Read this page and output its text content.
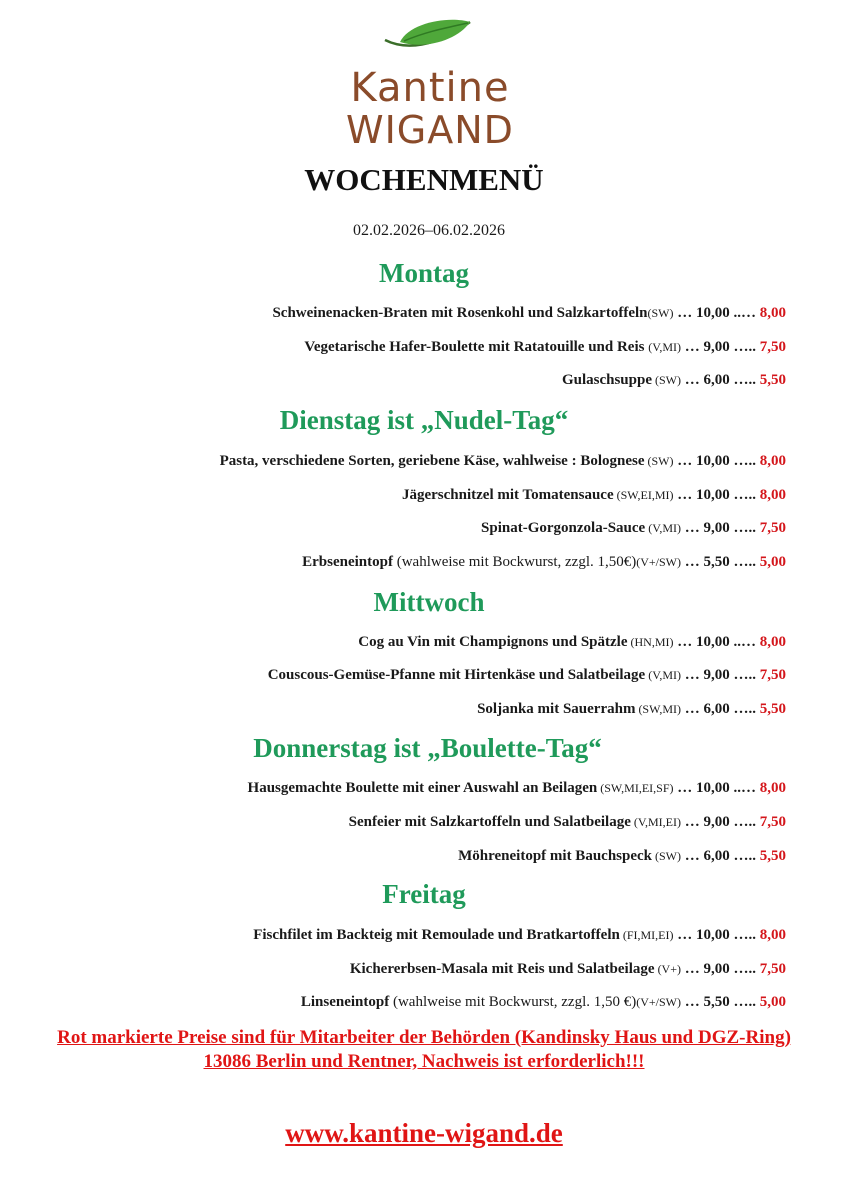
Kantine
WIGAND
WOCHENMENÜ
02.02.2026–06.02.2026
Montag
Schweinenacken-Braten mit Rosenkohl und Salzkartoffeln(SW) … 10,00 ..… 8,00
Vegetarische Hafer-Boulette mit Ratatouille und Reis (V,MI) … 9,00 ….. 7,50
Gulaschsuppe (SW) … 6,00 ….. 5,50
Dienstag ist „Nudel-Tag“
Pasta, verschiedene Sorten, geriebene Käse, wahlweise : Bolognese (SW) … 10,00 ….. 8,00
Jägerschnitzel mit Tomatensauce (SW,EI,MI) … 10,00 ….. 8,00
Spinat-Gorgonzola-Sauce (V,MI) … 9,00 ….. 7,50
Erbseneintopf (wahlweise mit Bockwurst, zzgl. 1,50€)(V+/SW) … 5,50 ….. 5,00
Mittwoch
Cog au Vin mit Champignons und Spätzle (HN,MI) … 10,00 ..… 8,00
Couscous-Gemüse-Pfanne mit Hirtenkäse und Salatbeilage (V,MI) … 9,00 ….. 7,50
Soljanka mit Sauerrahm (SW,MI) … 6,00 ….. 5,50
Donnerstag ist „Boulette-Tag“
Hausgemachte Boulette mit einer Auswahl an Beilagen (SW,MI,EI,SF) … 10,00 ..… 8,00
Senfeier mit Salzkartoffeln und Salatbeilage (V,MI,EI) … 9,00 ….. 7,50
Möhreneitopf mit Bauchspeck (SW) … 6,00 ….. 5,50
Freitag
Fischfilet im Backteig mit Remoulade und Bratkartoffeln (FI,MI,EI) … 10,00 ….. 8,00
Kichererbsen-Masala mit Reis und Salatbeilage (V+) … 9,00 ….. 7,50
Linseneintopf (wahlweise mit Bockwurst, zzgl. 1,50 €)(V+/SW) … 5,50 ….. 5,00
Rot markierte Preise sind für Mitarbeiter der Behörden (Kandinsky Haus und DGZ-Ring)
13086 Berlin und Rentner, Nachweis ist erforderlich!!!
www.kantine-wigand.de
